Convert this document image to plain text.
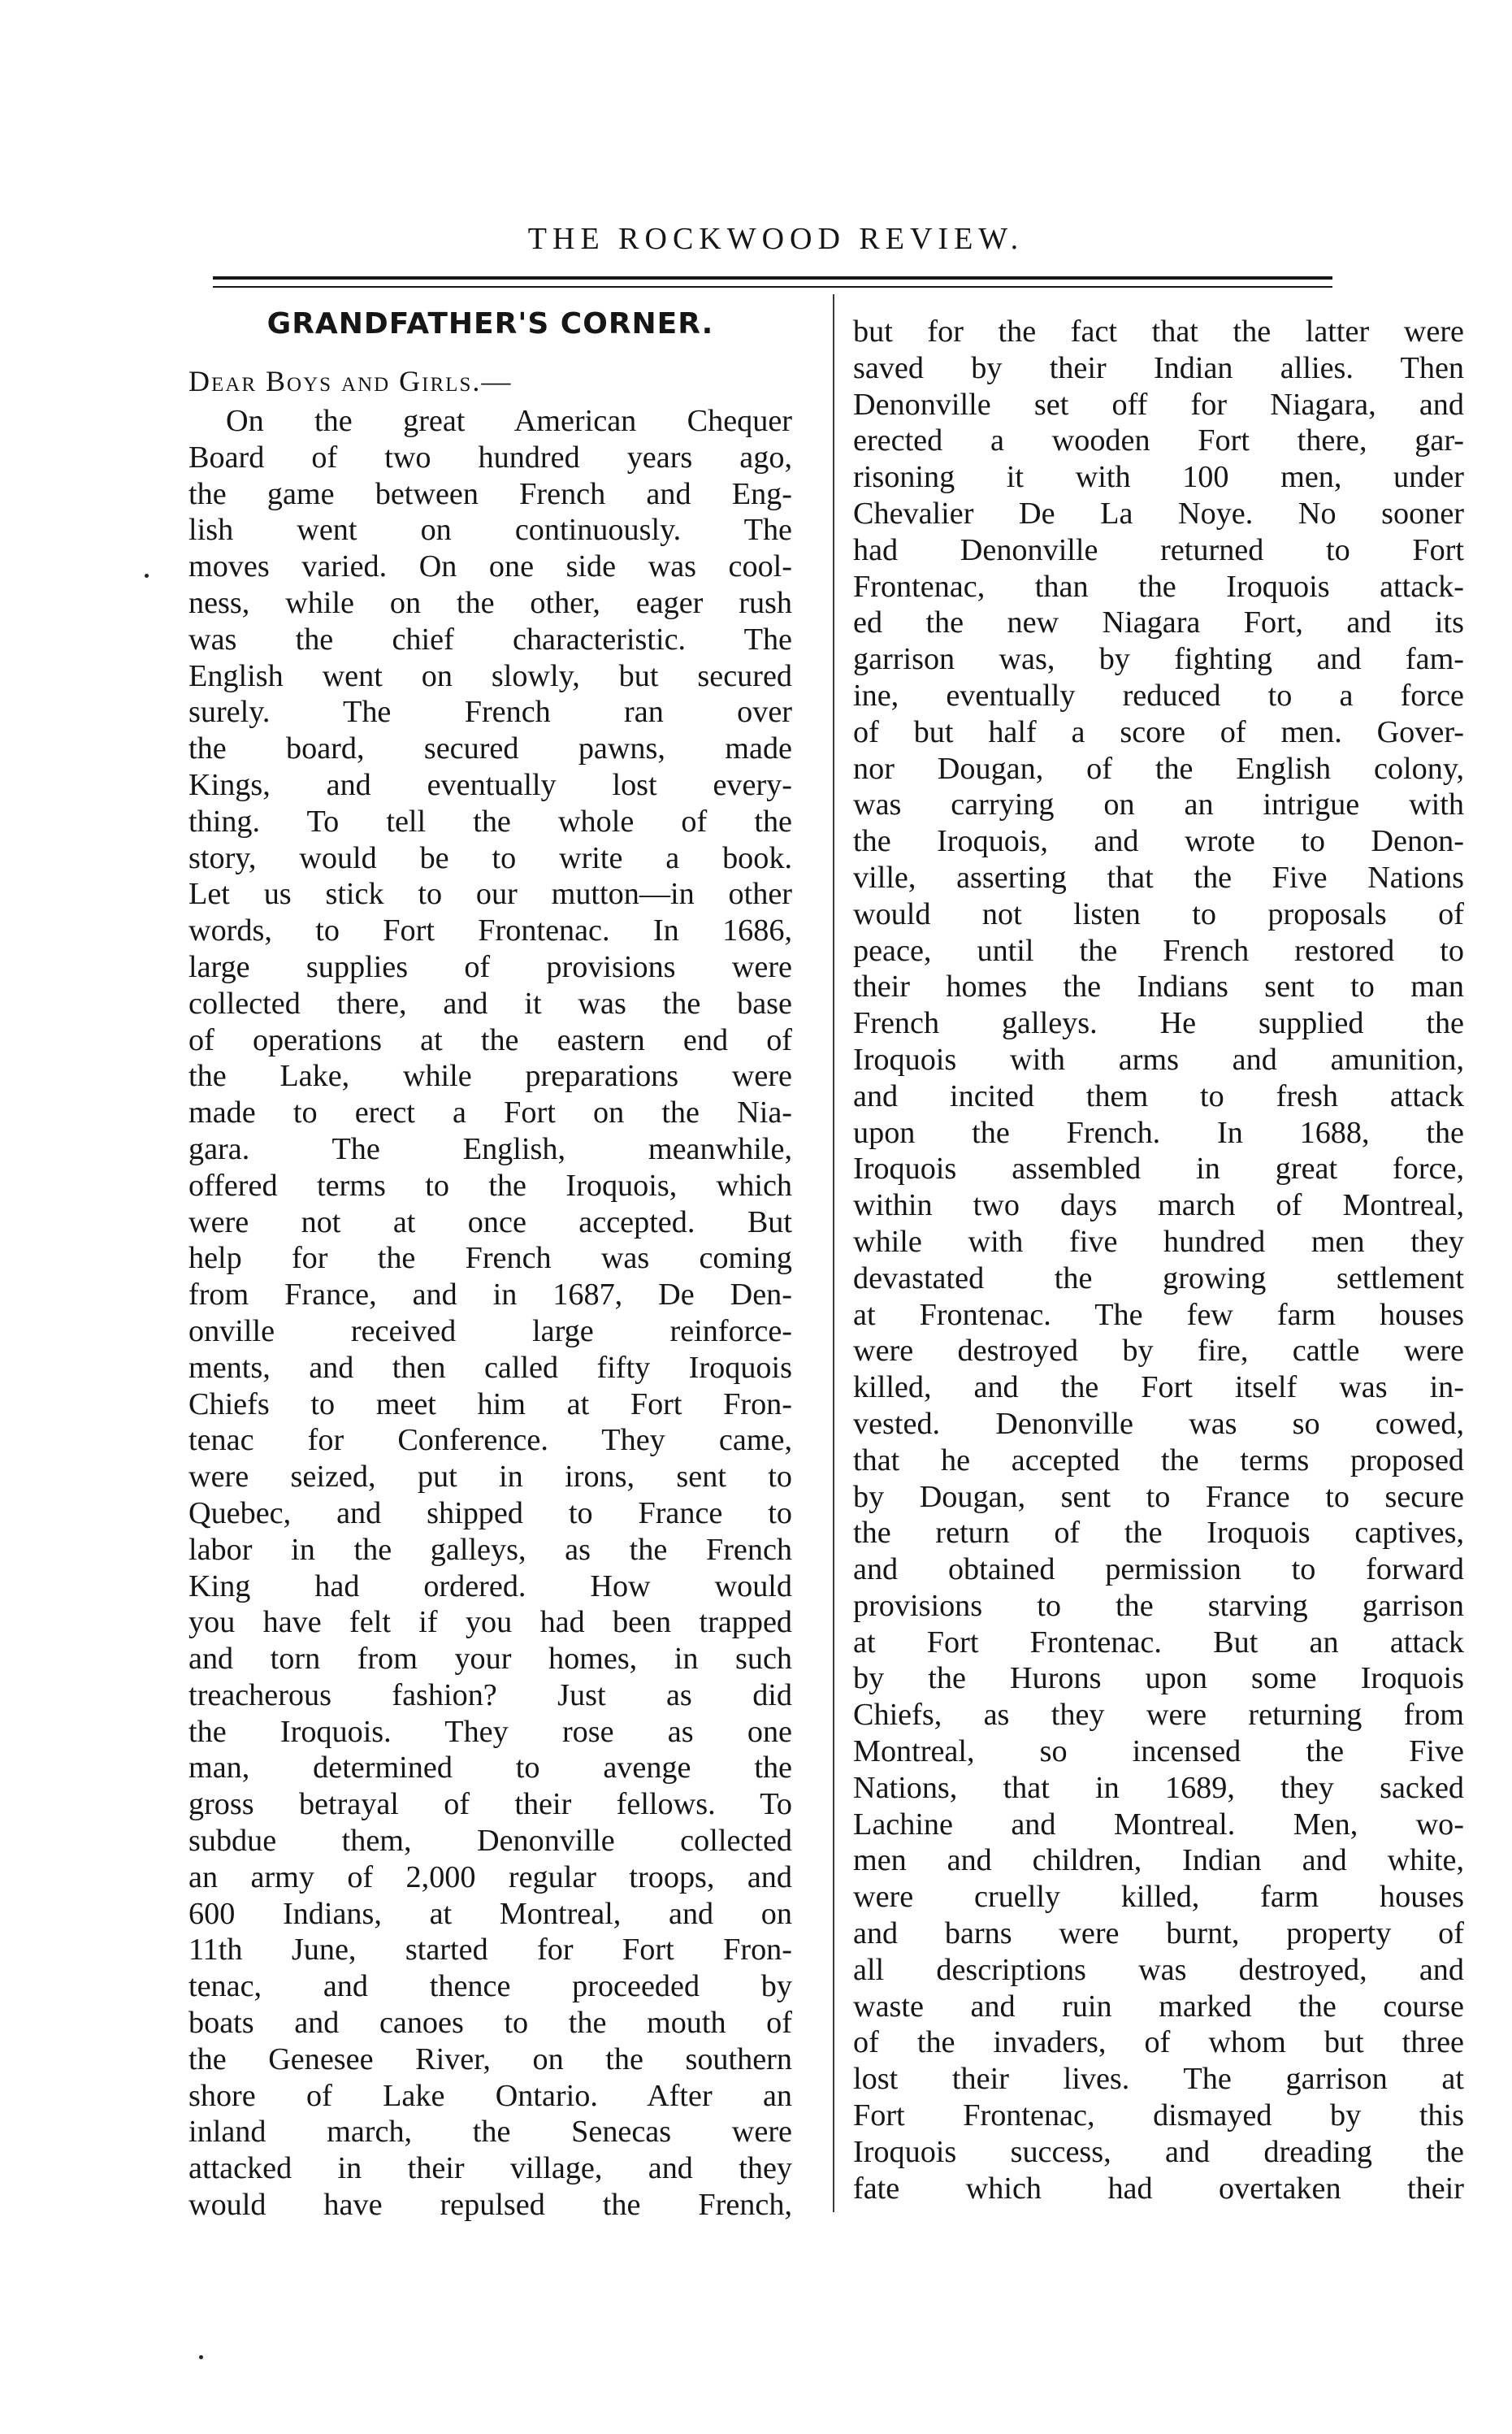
THE ROCKWOOD REVIEW.
GRANDFATHER'S CORNER.
Dear Boys and Girls.—
On the great American Chequer
Board of two hundred years ago,
the game between French and Eng-
lish went on continuously. The
moves varied. On one side was cool-
ness, while on the other, eager rush
was the chief characteristic. The
English went on slowly, but secured
surely. The French ran over
the board, secured pawns, made
Kings, and eventually lost every-
thing. To tell the whole of the
story, would be to write a book.
Let us stick to our mutton—in other
words, to Fort Frontenac. In 1686,
large supplies of provisions were
collected there, and it was the base
of operations at the eastern end of
the Lake, while preparations were
made to erect a Fort on the Nia-
gara. The English, meanwhile,
offered terms to the Iroquois, which
were not at once accepted. But
help for the French was coming
from France, and in 1687, De Den-
onville received large reinforce-
ments, and then called fifty Iroquois
Chiefs to meet him at Fort Fron-
tenac for Conference. They came,
were seized, put in irons, sent to
Quebec, and shipped to France to
labor in the galleys, as the French
King had ordered. How would
you have felt if you had been trapped
and torn from your homes, in such
treacherous fashion? Just as did
the Iroquois. They rose as one
man, determined to avenge the
gross betrayal of their fellows. To
subdue them, Denonville collected
an army of 2,000 regular troops, and
600 Indians, at Montreal, and on
11th June, started for Fort Fron-
tenac, and thence proceeded by
boats and canoes to the mouth of
the Genesee River, on the southern
shore of Lake Ontario. After an
inland march, the Senecas were
attacked in their village, and they
would have repulsed the French,
but for the fact that the latter were
saved by their Indian allies. Then
Denonville set off for Niagara, and
erected a wooden Fort there, gar-
risoning it with 100 men, under
Chevalier De La Noye. No sooner
had Denonville returned to Fort
Frontenac, than the Iroquois attack-
ed the new Niagara Fort, and its
garrison was, by fighting and fam-
ine, eventually reduced to a force
of but half a score of men. Gover-
nor Dougan, of the English colony,
was carrying on an intrigue with
the Iroquois, and wrote to Denon-
ville, asserting that the Five Nations
would not listen to proposals of
peace, until the French restored to
their homes the Indians sent to man
French galleys. He supplied the
Iroquois with arms and amunition,
and incited them to fresh attack
upon the French. In 1688, the
Iroquois assembled in great force,
within two days march of Montreal,
while with five hundred men they
devastated the growing settlement
at Frontenac. The few farm houses
were destroyed by fire, cattle were
killed, and the Fort itself was in-
vested. Denonville was so cowed,
that he accepted the terms proposed
by Dougan, sent to France to secure
the return of the Iroquois captives,
and obtained permission to forward
provisions to the starving garrison
at Fort Frontenac. But an attack
by the Hurons upon some Iroquois
Chiefs, as they were returning from
Montreal, so incensed the Five
Nations, that in 1689, they sacked
Lachine and Montreal. Men, wo-
men and children, Indian and white,
were cruelly killed, farm houses
and barns were burnt, property of
all descriptions was destroyed, and
waste and ruin marked the course
of the invaders, of whom but three
lost their lives. The garrison at
Fort Frontenac, dismayed by this
Iroquois success, and dreading the
fate which had overtaken their
